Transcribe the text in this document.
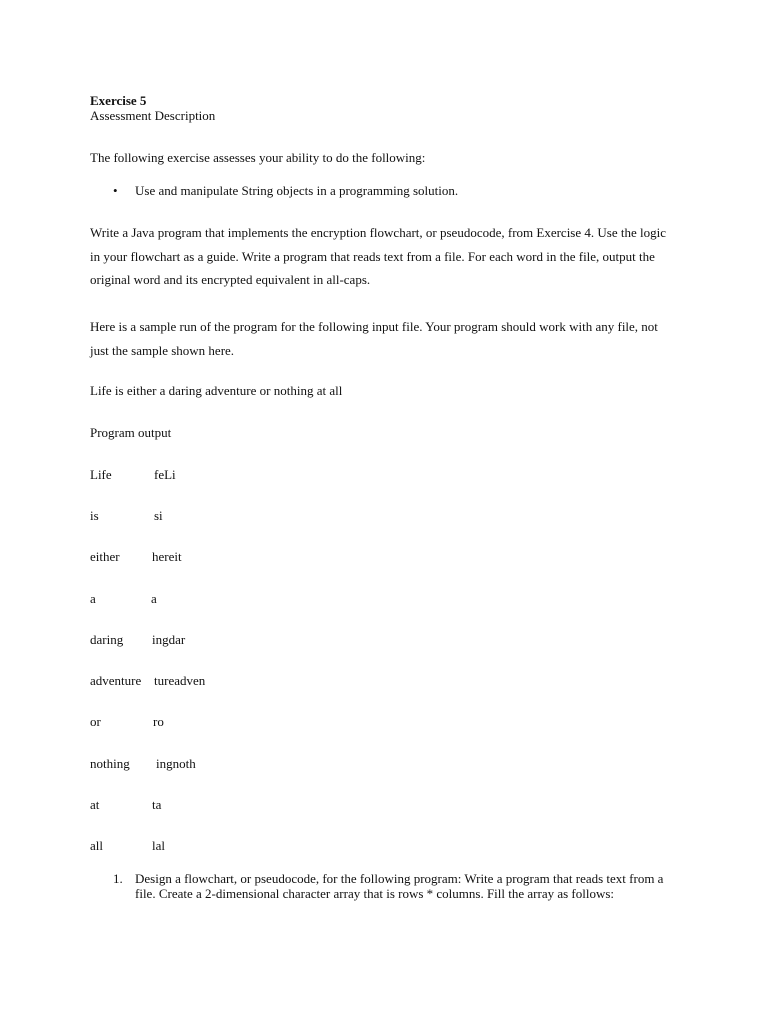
Exercise 5
Assessment Description
The following exercise assesses your ability to do the following:
• Use and manipulate String objects in a programming solution.
Write a Java program that implements the encryption flowchart, or pseudocode, from Exercise 4. Use the logic in your flowchart as a guide. Write a program that reads text from a file. For each word in the file, output the original word and its encrypted equivalent in all-caps.
Here is a sample run of the program for the following input file. Your program should work with any file, not just the sample shown here.
Life is either a daring adventure or nothing at all
Program output
Life	feLi
is	si
either hereit
a	a
daring ingdar
adventure tureadven
or	ro
nothing ingnoth
at	ta
all	lal
1. Design a flowchart, or pseudocode, for the following program: Write a program that reads text from a file. Create a 2-dimensional character array that is rows * columns. Fill the array as follows:
